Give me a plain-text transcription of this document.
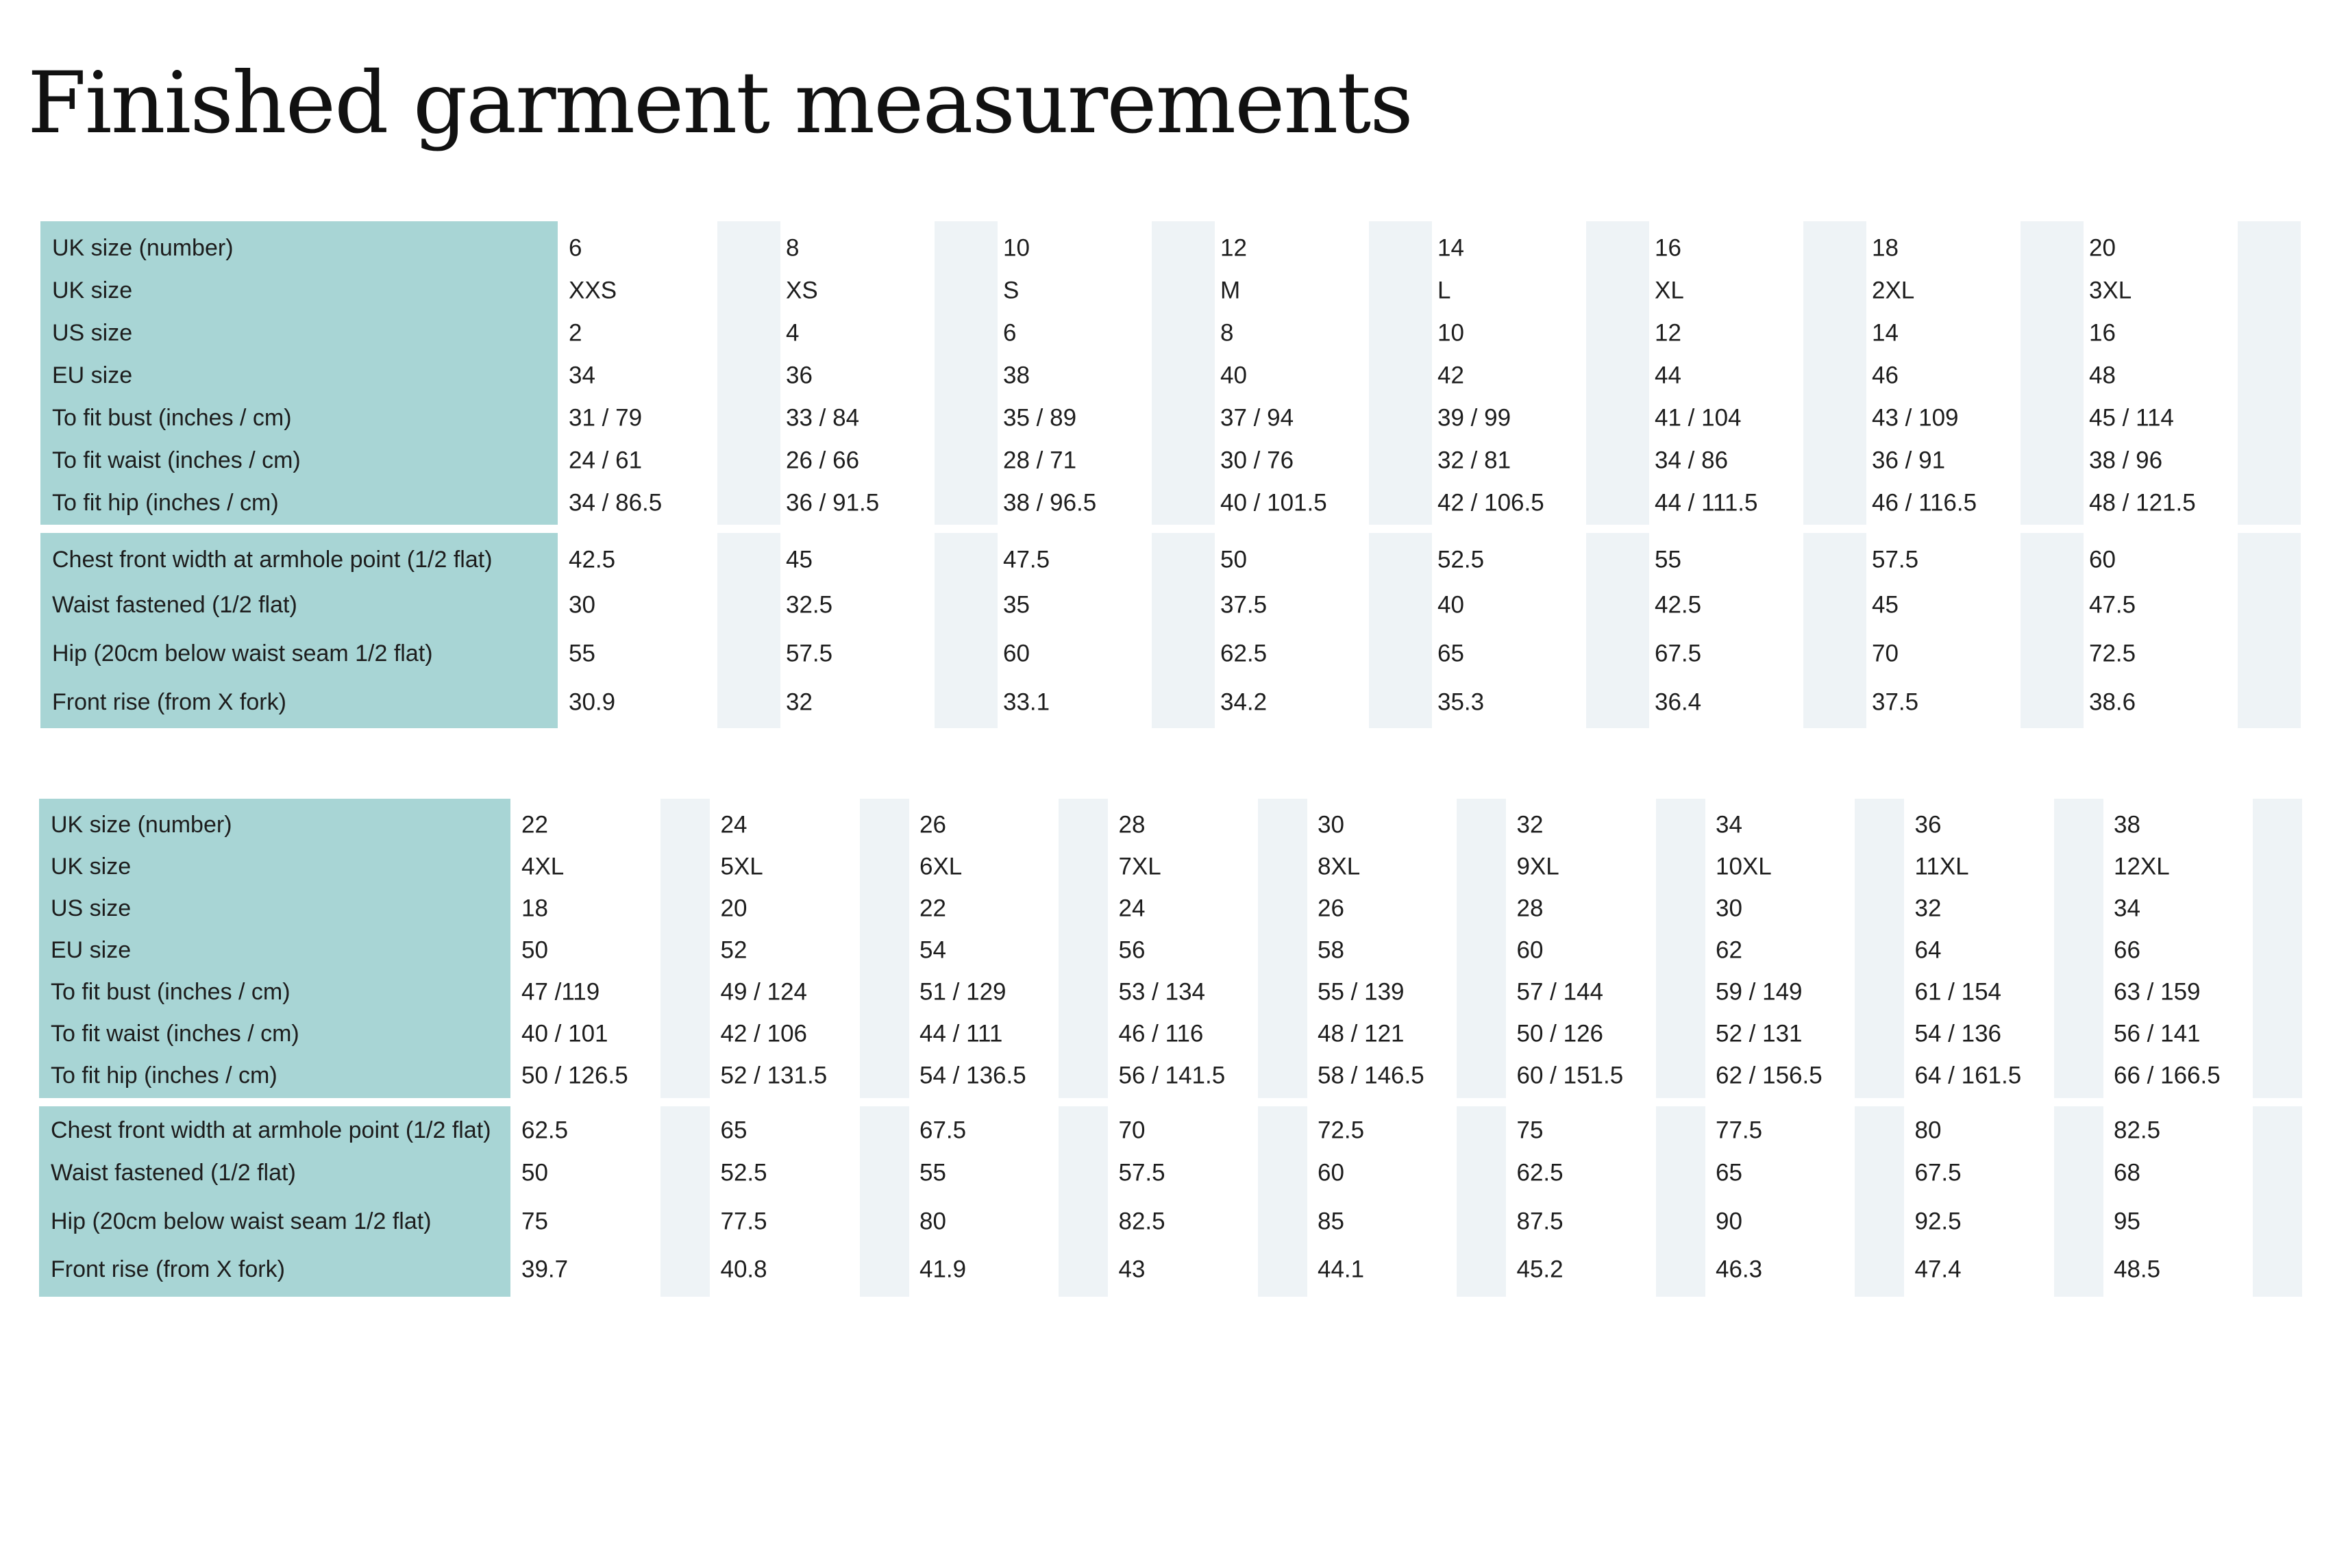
Finished garment measurements
UK size (number)
UK size
US size
EU size
To fit bust (inches / cm)
To fit waist (inches / cm)
To fit hip (inches / cm)
Chest front width at armhole point (1/2 flat)
Waist fastened (1/2 flat)
Hip (20cm below waist seam 1/2 flat)
Front rise (from X fork)
6
XXS
2
34
31 / 79
24 / 61
34 / 86.5
42.5
30
55
30.9
8
XS
4
36
33 / 84
26 / 66
36 / 91.5
45
32.5
57.5
32
10
S
6
38
35 / 89
28 / 71
38 / 96.5
47.5
35
60
33.1
12
M
8
40
37 / 94
30 / 76
40 / 101.5
50
37.5
62.5
34.2
14
L
10
42
39 / 99
32 / 81
42 / 106.5
52.5
40
65
35.3
16
XL
12
44
41 / 104
34 / 86
44 / 111.5
55
42.5
67.5
36.4
18
2XL
14
46
43 / 109
36 / 91
46 / 116.5
57.5
45
70
37.5
20
3XL
16
48
45 / 114
38 / 96
48 / 121.5
60
47.5
72.5
38.6
UK size (number)
UK size
US size
EU size
To fit bust (inches / cm)
To fit waist (inches / cm)
To fit hip (inches / cm)
Chest front width at armhole point (1/2 flat)
Waist fastened (1/2 flat)
Hip (20cm below waist seam 1/2 flat)
Front rise (from X fork)
22
4XL
18
50
47 /119
40 / 101
50 / 126.5
62.5
50
75
39.7
24
5XL
20
52
49 / 124
42 / 106
52 / 131.5
65
52.5
77.5
40.8
26
6XL
22
54
51 / 129
44 / 111
54 / 136.5
67.5
55
80
41.9
28
7XL
24
56
53 / 134
46 / 116
56 / 141.5
70
57.5
82.5
43
30
8XL
26
58
55 / 139
48 / 121
58 / 146.5
72.5
60
85
44.1
32
9XL
28
60
57 / 144
50 / 126
60 / 151.5
75
62.5
87.5
45.2
34
10XL
30
62
59 / 149
52 / 131
62 / 156.5
77.5
65
90
46.3
36
11XL
32
64
61 / 154
54 / 136
64 / 161.5
80
67.5
92.5
47.4
38
12XL
34
66
63 / 159
56 / 141
66 / 166.5
82.5
68
95
48.5
